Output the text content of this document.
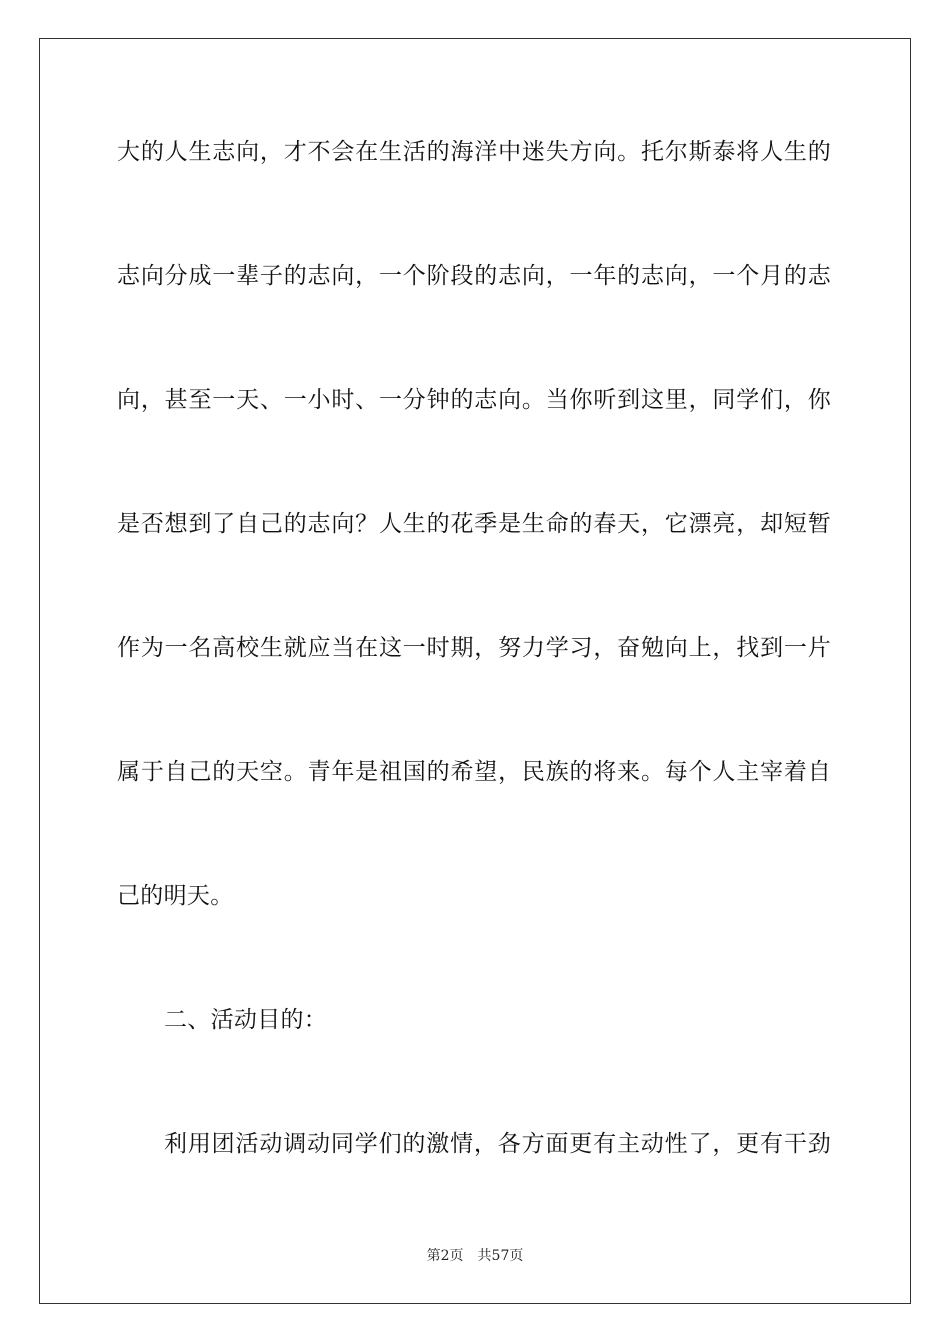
大的人生志向，才不会在生活的海洋中迷失方向。托尔斯泰将人生的
志向分成一辈子的志向，一个阶段的志向，一年的志向，一个月的志
向，甚至一天、一小时、一分钟的志向。当你听到这里，同学们，你
是否想到了自己的志向？人生的花季是生命的春天，它漂亮，却短暂
作为一名高校生就应当在这一时期，努力学习，奋勉向上，找到一片
属于自己的天空。青年是祖国的希望，民族的将来。每个人主宰着自
己的明天。
二、活动目的：
利用团活动调动同学们的激情，各方面更有主动性了，更有干劲
第2页 共57页
